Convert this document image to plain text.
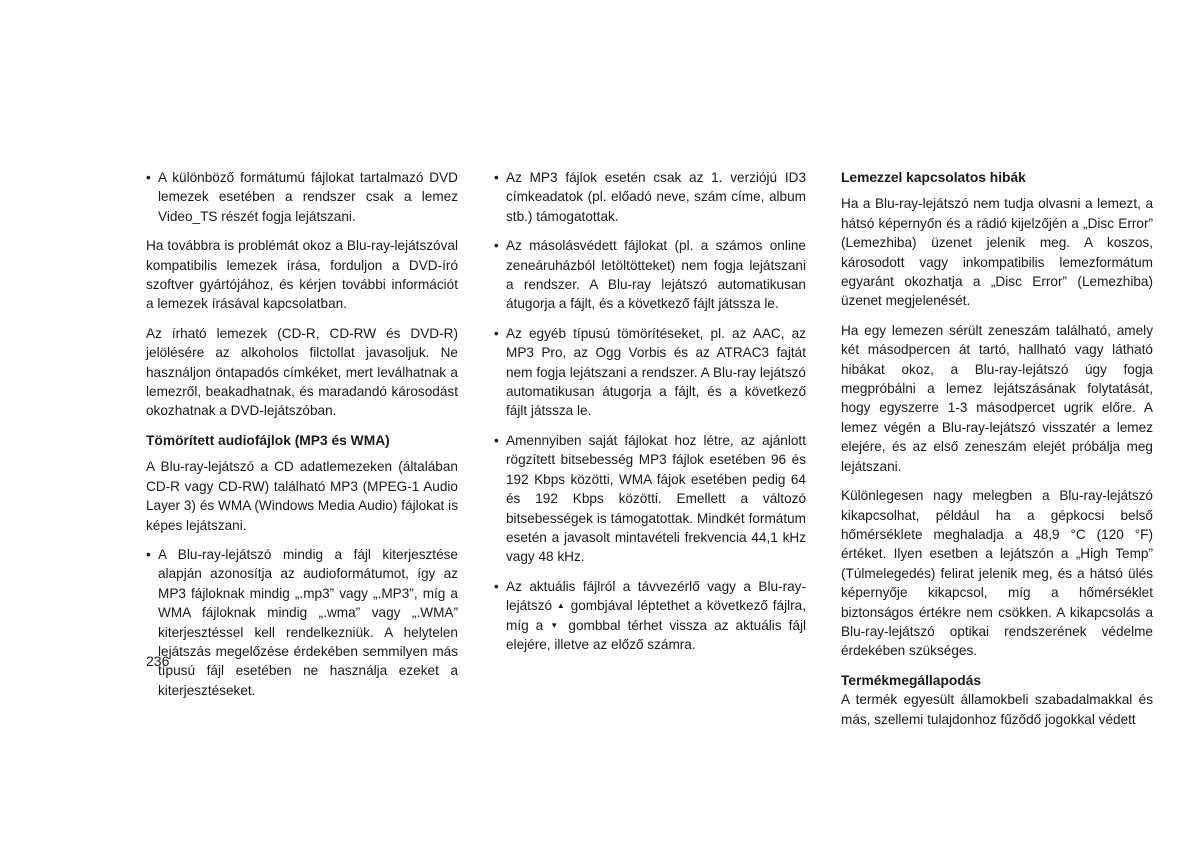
• A különböző formátumú fájlokat tartalmazó DVD lemezek esetében a rendszer csak a lemez Video_TS részét fogja lejátszani.

Ha továbbra is problémát okoz a Blu-ray-lejátszóval kompatibilis lemezek írása, forduljon a DVD-író szoftver gyártójához, és kérjen további információt a lemezek írásával kapcsolatban.

Az írható lemezek (CD-R, CD-RW és DVD-R) jelölésére az alkoholos filctollat javasoljuk. Ne használjon öntapadós címkéket, mert leválhatnak a lemezről, beakadhatnak, és maradandó károsodást okozhatnak a DVD-lejátszóban.

Tömörített audiofájlok (MP3 és WMA)

A Blu-ray-lejátszó a CD adatlemezeken (általában CD-R vagy CD-RW) található MP3 (MPEG-1 Audio Layer 3) és WMA (Windows Media Audio) fájlokat is képes lejátszani.

• A Blu-ray-lejátszó mindig a fájl kiterjesztése alapján azonosítja az audioformátumot, így az MP3 fájloknak mindig „.mp3” vagy „.MP3”, míg a WMA fájloknak mindig „.wma” vagy „.WMA” kiterjesztéssel kell rendelkezniük. A helytelen lejátszás megelőzése érdekében semmilyen más típusú fájl esetében ne használja ezeket a kiterjesztéseket.
• Az MP3 fájlok esetén csak az 1. verziójú ID3 címkeadatok (pl. előadó neve, szám címe, album stb.) támogatottak.
• Az másolásvédett fájlokat (pl. a számos online zeneáruházból letöltötteket) nem fogja lejátszani a rendszer. A Blu-ray lejátszó automatikusan átugorja a fájlt, és a következő fájlt játssza le.
• Az egyéb típusú tömörítéseket, pl. az AAC, az MP3 Pro, az Ogg Vorbis és az ATRAC3 fajtát nem fogja lejátszani a rendszer. A Blu-ray lejátszó automatikusan átugorja a fájlt, és a következő fájlt játssza le.
• Amennyiben saját fájlokat hoz létre, az ajánlott rögzített bitsebesség MP3 fájlok esetében 96 és 192 Kbps közötti, WMA fájok esetében pedig 64 és 192 Kbps közötti. Emellett a változó bitsebességek is támogatottak. Mindkét formátum esetén a javasolt mintavételi frekvencia 44,1 kHz vagy 48 kHz.
• Az aktuális fájlról a távvezérlő vagy a Blu-ray-lejátszó ▲ gombjával léptethet a következő fájlra, míg a ▼ gombbal térhet vissza az aktuális fájl elejére, illetve az előző számra.
Lemezzel kapcsolatos hibák

Ha a Blu-ray-lejátszó nem tudja olvasni a lemezt, a hátsó képernyőn és a rádió kijelzőjén a „Disc Error” (Lemezhiba) üzenet jelenik meg. A koszos, károsodott vagy inkompatibilis lemezformátum egyaránt okozhatja a „Disc Error” (Lemezhiba) üzenet megjelenését.

Ha egy lemezen sérült zeneszám található, amely két másodpercen át tartó, hallható vagy látható hibákat okoz, a Blu-ray-lejátszó úgy fogja megpróbálni a lemez lejátszásának folytatását, hogy egyszerre 1-3 másodpercet ugrik előre. A lemez végén a Blu-ray-lejátszó visszatér a lemez elejére, és az első zeneszám elejét próbálja meg lejátszani.

Különlegesen nagy melegben a Blu-ray-lejátszó kikapcsolhat, például ha a gépkocsi belső hőmérséklete meghaladja a 48,9 °C (120 °F) értéket. Ilyen esetben a lejátszón a „High Temp” (Túlmelegedés) felirat jelenik meg, és a hátsó ülés képernyője kikapcsol, míg a hőmérséklet biztonságos értékre nem csökken. A kikapcsolás a Blu-ray-lejátszó optikai rendszerének védelme érdekében szükséges.

Termékmegállapodás

A termék egyesült államokbeli szabadalmakkal és más, szellemi tulajdonhoz fűződő jogokkal védett

236
